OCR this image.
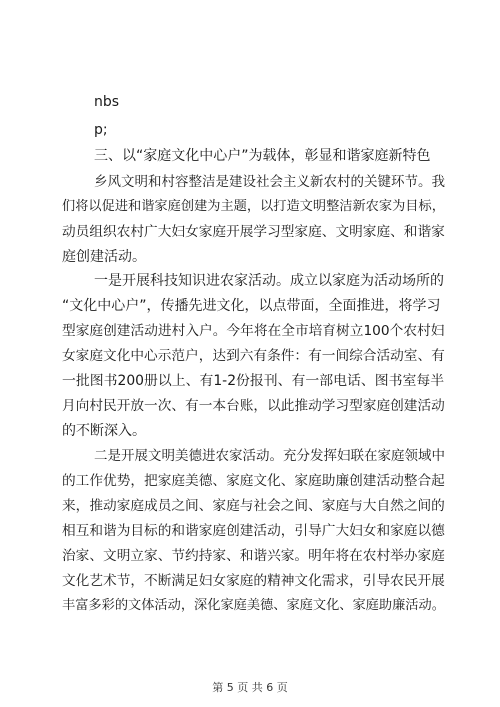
nbs
p;
三、以“家庭文化中心户”为载体，彰显和谐家庭新特色
乡风文明和村容整洁是建设社会主义新农村的关键环节。我
们将以促进和谐家庭创建为主题，以打造文明整洁新农家为目标，
动员组织农村广大妇女家庭开展学习型家庭、文明家庭、和谐家
庭创建活动。
一是开展科技知识进农家活动。成立以家庭为活动场所的
“文化中心户”，传播先进文化，以点带面，全面推进，将学习
型家庭创建活动进村入户。今年将在全市培育树立100个农村妇
女家庭文化中心示范户，达到六有条件：有一间综合活动室、有
一批图书200册以上、有1-2份报刊、有一部电话、图书室每半
月向村民开放一次、有一本台账，以此推动学习型家庭创建活动
的不断深入。
二是开展文明美德进农家活动。充分发挥妇联在家庭领域中
的工作优势，把家庭美德、家庭文化、家庭助廉创建活动整合起
来，推动家庭成员之间、家庭与社会之间、家庭与大自然之间的
相互和谐为目标的和谐家庭创建活动，引导广大妇女和家庭以德
治家、文明立家、节约持家、和谐兴家。明年将在农村举办家庭
文化艺术节，不断满足妇女家庭的精神文化需求，引导农民开展
丰富多彩的文体活动，深化家庭美德、家庭文化、家庭助廉活动。
第 5 页 共 6 页
